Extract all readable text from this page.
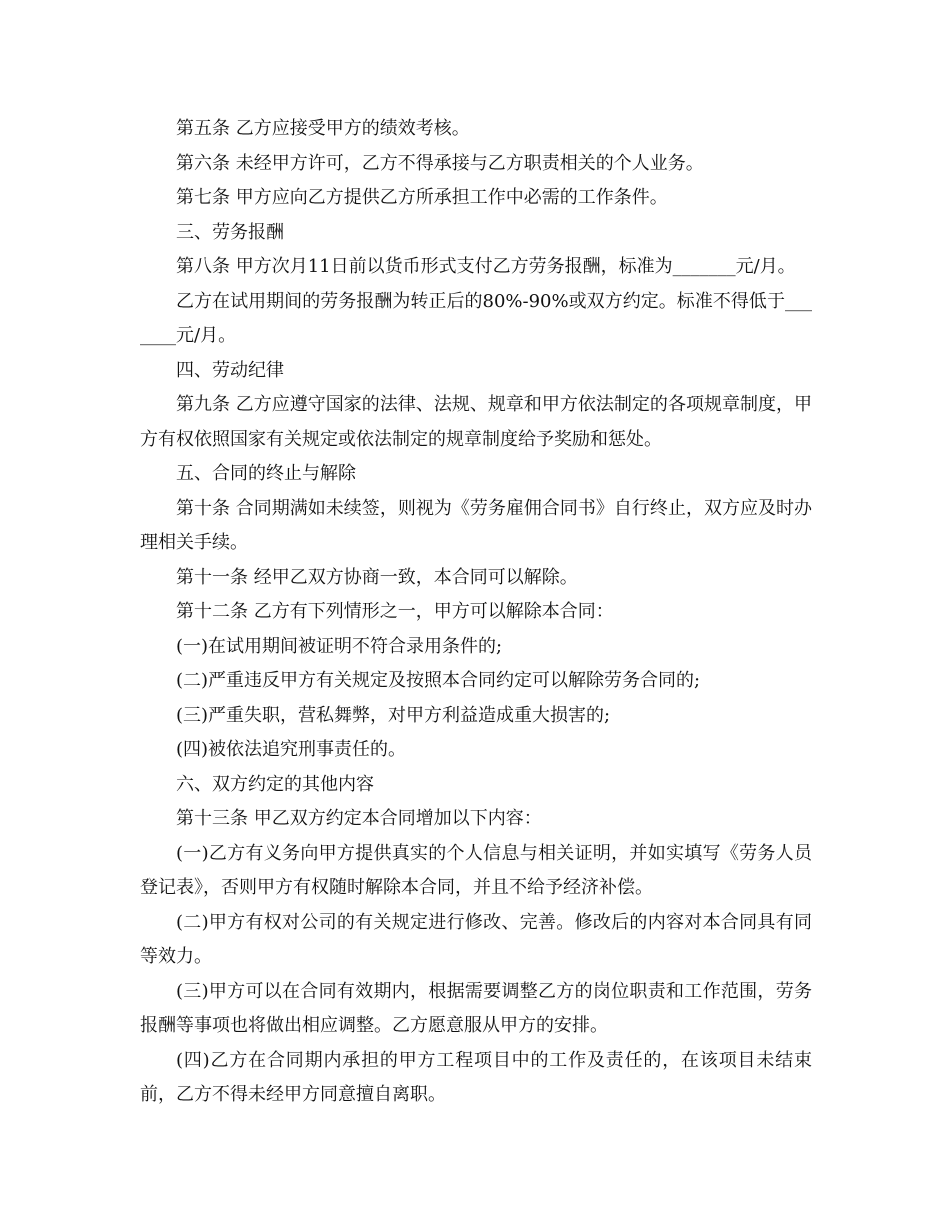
第五条 乙方应接受甲方的绩效考核。

第六条 未经甲方许可，乙方不得承接与乙方职责相关的个人业务。

第七条 甲方应向乙方提供乙方所承担工作中必需的工作条件。

三、劳务报酬

第八条 甲方次月11日前以货币形式支付乙方劳务报酬，标准为_______元/月。

乙方在试用期间的劳务报酬为转正后的80%-90%或双方约定。标准不得低于_______元/月。

四、劳动纪律

第九条 乙方应遵守国家的法律、法规、规章和甲方依法制定的各项规章制度，甲方有权依照国家有关规定或依法制定的规章制度给予奖励和惩处。

五、合同的终止与解除

第十条 合同期满如未续签，则视为《劳务雇佣合同书》自行终止，双方应及时办理相关手续。

第十一条 经甲乙双方协商一致，本合同可以解除。

第十二条 乙方有下列情形之一，甲方可以解除本合同：

(一)在试用期间被证明不符合录用条件的;

(二)严重违反甲方有关规定及按照本合同约定可以解除劳务合同的;

(三)严重失职，营私舞弊，对甲方利益造成重大损害的;

(四)被依法追究刑事责任的。

六、双方约定的其他内容

第十三条 甲乙双方约定本合同增加以下内容：

(一)乙方有义务向甲方提供真实的个人信息与相关证明，并如实填写《劳务人员登记表》，否则甲方有权随时解除本合同，并且不给予经济补偿。

(二)甲方有权对公司的有关规定进行修改、完善。修改后的内容对本合同具有同等效力。

(三)甲方可以在合同有效期内，根据需要调整乙方的岗位职责和工作范围，劳务报酬等事项也将做出相应调整。乙方愿意服从甲方的安排。

(四)乙方在合同期内承担的甲方工程项目中的工作及责任的，在该项目未结束前，乙方不得未经甲方同意擅自离职。
